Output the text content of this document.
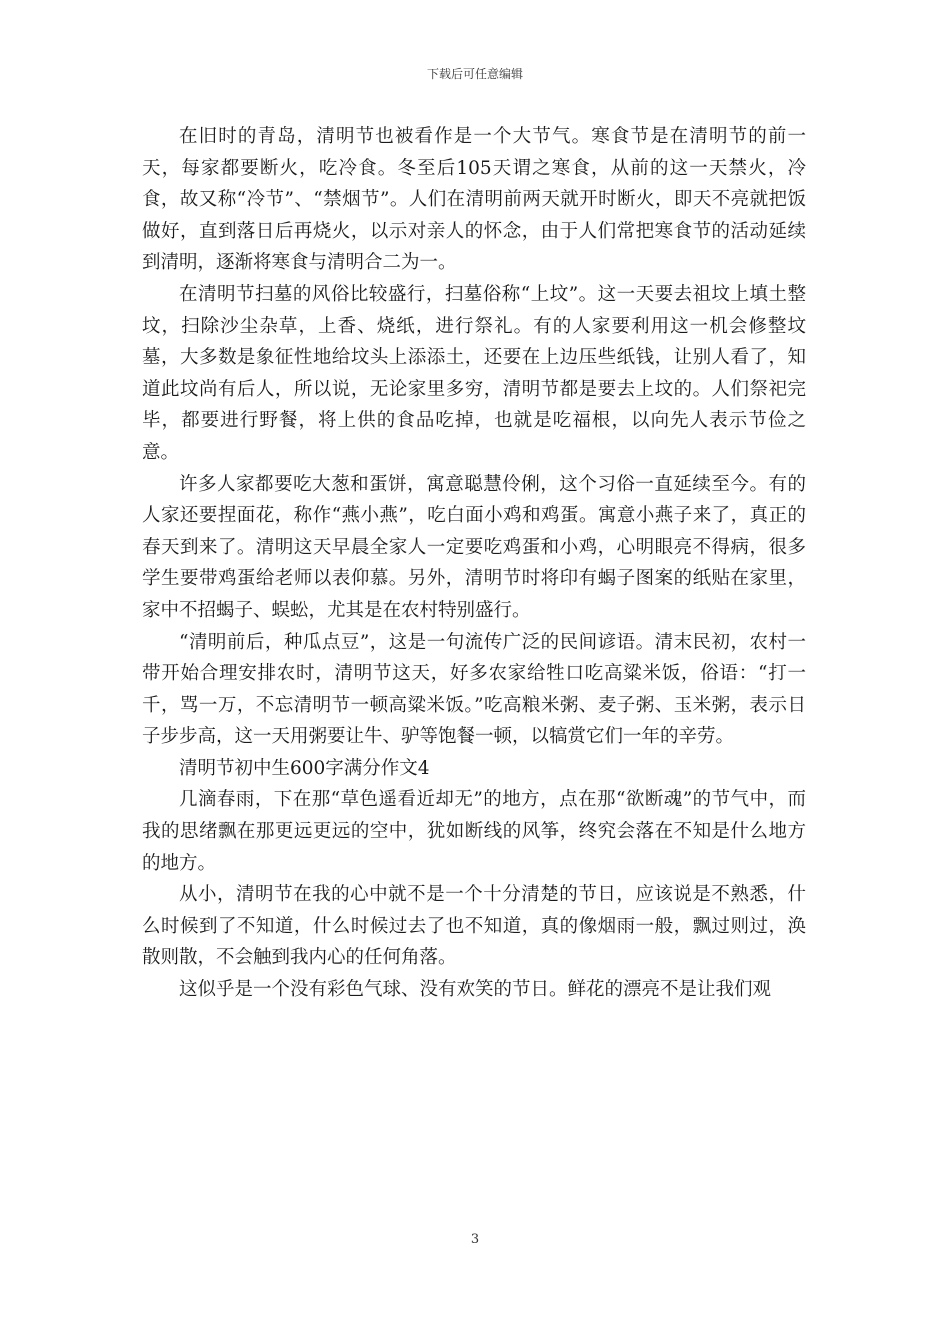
下载后可任意编辑

在旧时的青岛，清明节也被看作是一个大节气。寒食节是在清明节的前一天，每家都要断火，吃冷食。冬至后105天谓之寒食，从前的这一天禁火，冷食，故又称“冷节”、“禁烟节”。人们在清明前两天就开时断火，即天不亮就把饭做好，直到落日后再烧火，以示对亲人的怀念，由于人们常把寒食节的活动延续到清明，逐渐将寒食与清明合二为一。

在清明节扫墓的风俗比较盛行，扫墓俗称“上坟”。这一天要去祖坟上填土整坟，扫除沙尘杂草，上香、烧纸，进行祭礼。有的人家要利用这一机会修整坟墓，大多数是象征性地给坟头上添添土，还要在上边压些纸钱，让别人看了，知道此坟尚有后人，所以说，无论家里多穷，清明节都是要去上坟的。人们祭祀完毕，都要进行野餐，将上供的食品吃掉，也就是吃福根，以向先人表示节俭之意。

许多人家都要吃大葱和蛋饼，寓意聪慧伶俐，这个习俗一直延续至今。有的人家还要捏面花，称作“燕小燕”，吃白面小鸡和鸡蛋。寓意小燕子来了，真正的春天到来了。清明这天早晨全家人一定要吃鸡蛋和小鸡，心明眼亮不得病，很多学生要带鸡蛋给老师以表仰慕。另外，清明节时将印有蝎子图案的纸贴在家里，家中不招蝎子、蜈蚣，尤其是在农村特别盛行。

“清明前后，种瓜点豆”，这是一句流传广泛的民间谚语。清末民初，农村一带开始合理安排农时，清明节这天，好多农家给牲口吃高粱米饭，俗语：“打一千，骂一万，不忘清明节一顿高粱米饭。”吃高粮米粥、麦子粥、玉米粥，表示日子步步高，这一天用粥要让牛、驴等饱餐一顿，以犒赏它们一年的辛劳。

清明节初中生600字满分作文4

几滴春雨，下在那“草色遥看近却无”的地方，点在那“欲断魂”的节气中，而我的思绪飘在那更远更远的空中，犹如断线的风筝，终究会落在不知是什么地方的地方。

从小，清明节在我的心中就不是一个十分清楚的节日，应该说是不熟悉，什么时候到了不知道，什么时候过去了也不知道，真的像烟雨一般，飘过则过，涣散则散，不会触到我内心的任何角落。

这似乎是一个没有彩色气球、没有欢笑的节日。鲜花的漂亮不是让我们观

3
